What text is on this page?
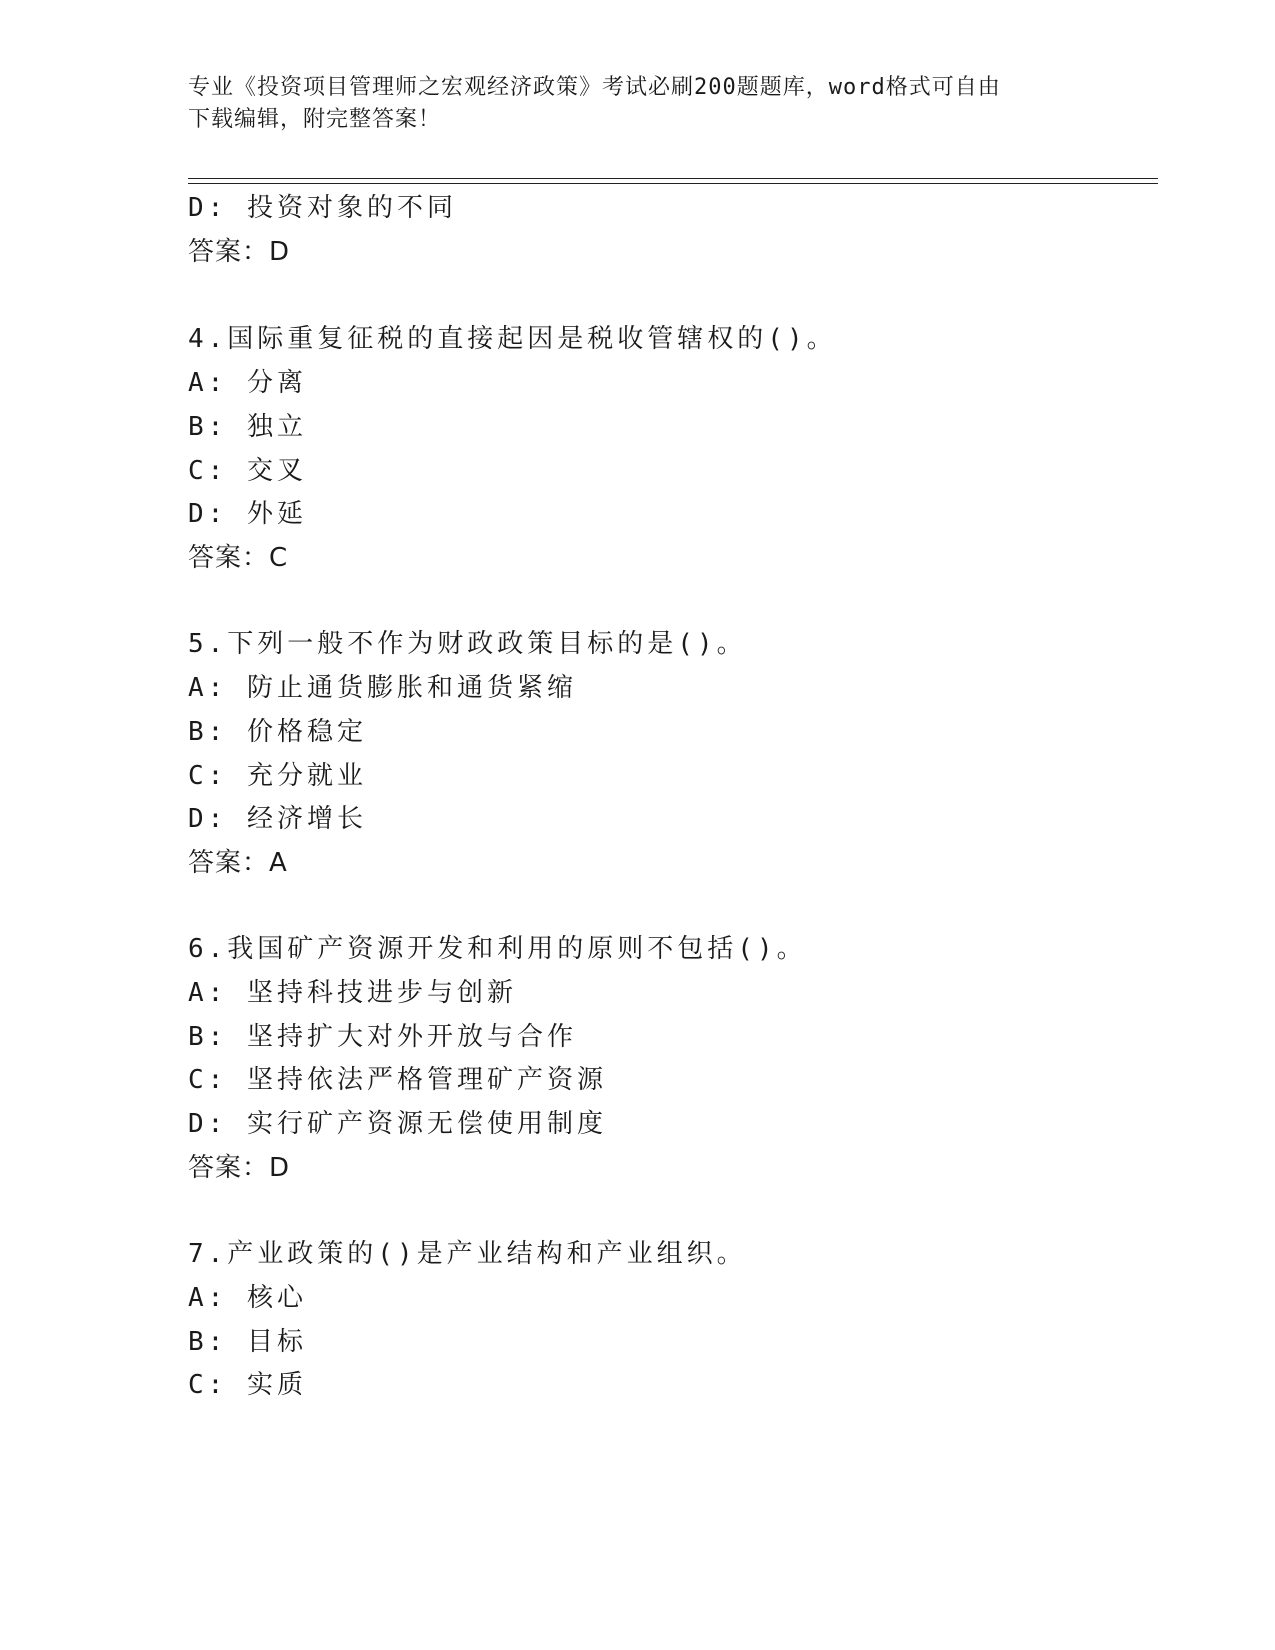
专业《投资项目管理师之宏观经济政策》考试必刷200题题库，word格式可自由
下载编辑，附完整答案！
D: 投资对象的不同
答案：D
4.国际重复征税的直接起因是税收管辖权的()。
A: 分离
B: 独立
C: 交叉
D: 外延
答案：C
5.下列一般不作为财政政策目标的是()。
A: 防止通货膨胀和通货紧缩
B: 价格稳定
C: 充分就业
D: 经济增长
答案：A
6.我国矿产资源开发和利用的原则不包括()。
A: 坚持科技进步与创新
B: 坚持扩大对外开放与合作
C: 坚持依法严格管理矿产资源
D: 实行矿产资源无偿使用制度
答案：D
7.产业政策的()是产业结构和产业组织。
A: 核心
B: 目标
C: 实质
